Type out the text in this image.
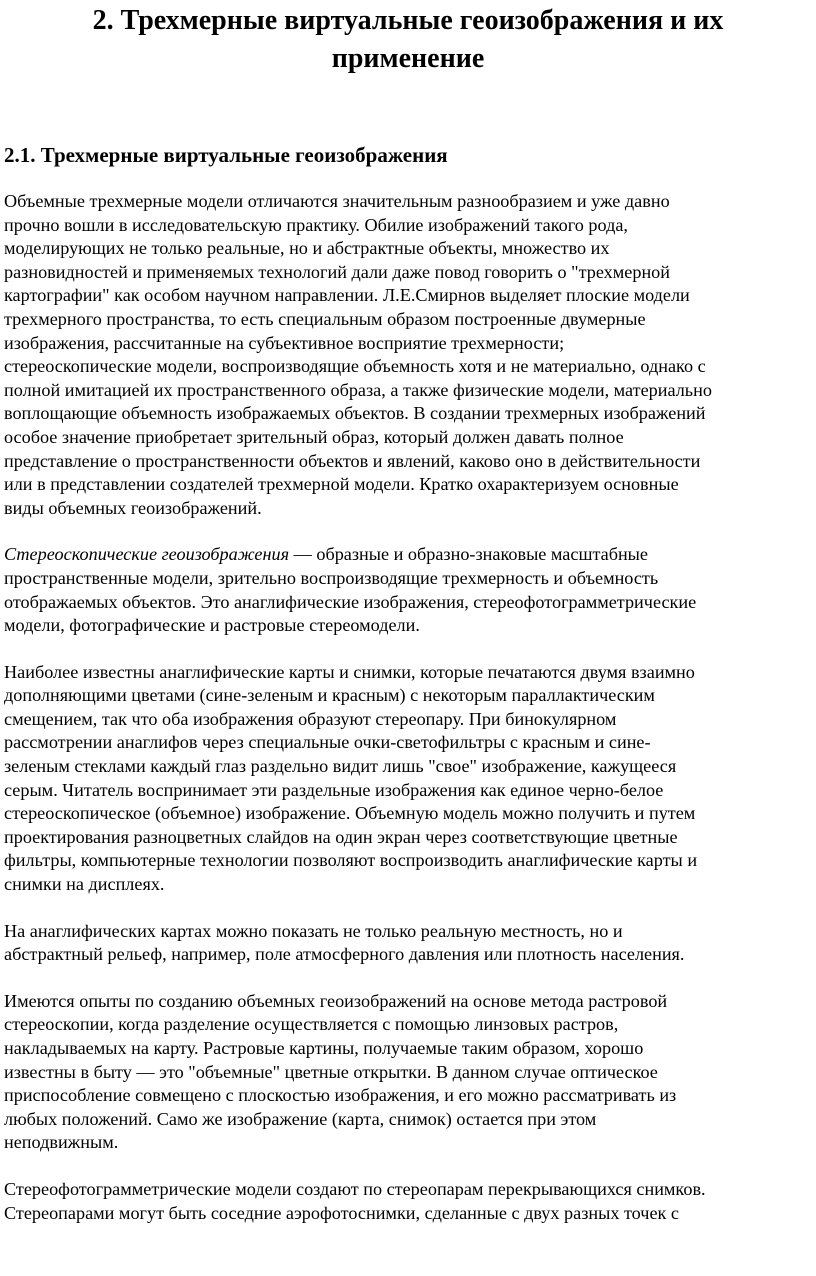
2. Трехмерные виртуальные геоизображения и их
применение
2.1. Трехмерные виртуальные геоизображения

Объемные трехмерные модели отличаются значительным разнообразием и уже давно
прочно вошли в исследовательскую практику. Обилие изображений такого рода,
моделирующих не только реальные, но и абстрактные объекты, множество их
разновидностей и применяемых технологий дали даже повод говорить о "трехмерной
картографии" как особом научном направлении. Л.Е.Смирнов выделяет плоские модели
трехмерного пространства, то есть специальным образом построенные двумерные
изображения, рассчитанные на субъективное восприятие трехмерности;
стереоскопические модели, воспроизводящие объемность хотя и не материально, однако с
полной имитацией их пространственного образа, а также физические модели, материально
воплощающие объемность изображаемых объектов. В создании трехмерных изображений
особое значение приобретает зрительный образ, который должен давать полное
представление о пространственности объектов и явлений, каково оно в действительности
или в представлении создателей трехмерной модели. Кратко охарактеризуем основные
виды объемных геоизображений.

Стереоскопические геоизображения — образные и образно-знаковые масштабные
пространственные модели, зрительно воспроизводящие трехмерность и объемность
отображаемых объектов. Это анаглифические изображения, стереофотограмметрические
модели, фотографические и растровые стереомодели.

Наиболее известны анаглифические карты и снимки, которые печатаются двумя взаимно
дополняющими цветами (сине-зеленым и красным) с некоторым параллактическим
смещением, так что оба изображения образуют стереопару. При бинокулярном
рассмотрении анаглифов через специальные очки-светофильтры с красным и сине-
зеленым стеклами каждый глаз раздельно видит лишь "свое" изображение, кажущееся
серым. Читатель воспринимает эти раздельные изображения как единое черно-белое
стереоскопическое (объемное) изображение. Объемную модель можно получить и путем
проектирования разноцветных слайдов на один экран через соответствующие цветные
фильтры, компьютерные технологии позволяют воспроизводить анаглифические карты и
снимки на дисплеях.

На анаглифических картах можно показать не только реальную местность, но и
абстрактный рельеф, например, поле атмосферного давления или плотность населения.

Имеются опыты по созданию объемных геоизображений на основе метода растровой
стереоскопии, когда разделение осуществляется с помощью линзовых растров,
накладываемых на карту. Растровые картины, получаемые таким образом, хорошо
известны в быту — это "объемные" цветные открытки. В данном случае оптическое
приспособление совмещено с плоскостью изображения, и его можно рассматривать из
любых положений. Само же изображение (карта, снимок) остается при этом
неподвижным.

Стереофотограмметрические модели создают по стереопарам перекрывающихся снимков.
Стереопарами могут быть соседние аэрофотоснимки, сделанные с двух разных точек с
